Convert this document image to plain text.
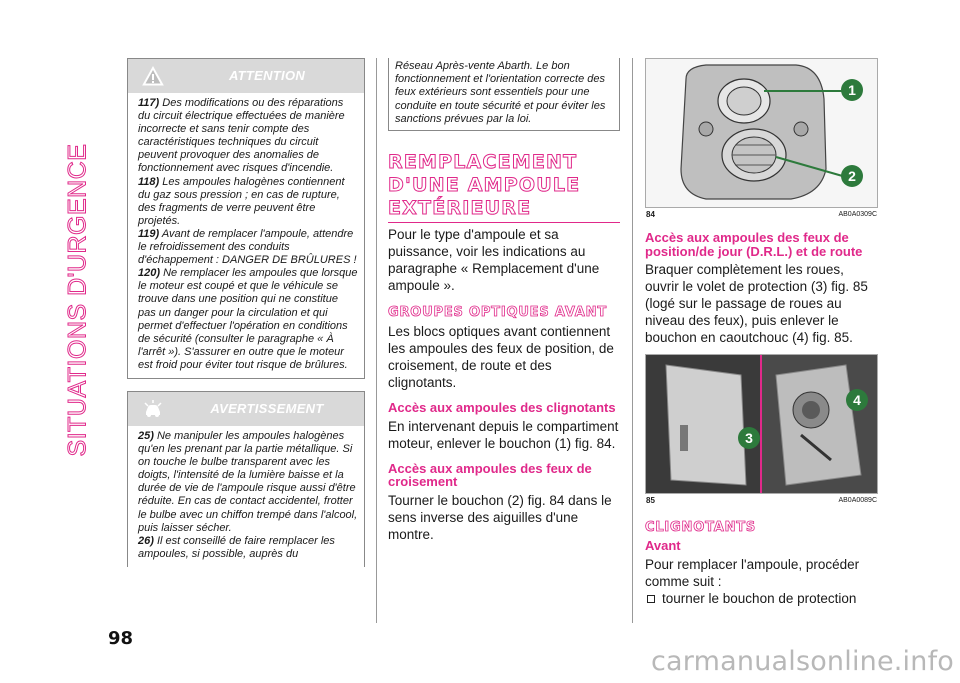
SITUATIONS D'URGENCE
ATTENTION

117) Des modifications ou des réparations du circuit électrique effectuées de manière incorrecte et sans tenir compte des caractéristiques techniques du circuit peuvent provoquer des anomalies de fonctionnement avec risques d'incendie.

118) Les ampoules halogènes contiennent du gaz sous pression ; en cas de rupture, des fragments de verre peuvent être projetés.

119) Avant de remplacer l'ampoule, attendre le refroidissement des conduits d'échappement : DANGER DE BRÛLURES !

120) Ne remplacer les ampoules que lorsque le moteur est coupé et que le véhicule se trouve dans une position qui ne constitue pas un danger pour la circulation et qui permet d'effectuer l'opération en conditions de sécurité (consulter le paragraphe « À l'arrêt »). S'assurer en outre que le moteur est froid pour éviter tout risque de brûlures.

AVERTISSEMENT

25) Ne manipuler les ampoules halogènes qu'en les prenant par la partie métallique. Si on touche le bulbe transparent avec les doigts, l'intensité de la lumière baisse et la durée de vie de l'ampoule risque aussi d'être réduite. En cas de contact accidentel, frotter le bulbe avec un chiffon trempé dans l'alcool, puis laisser sécher.

26) Il est conseillé de faire remplacer les ampoules, si possible, auprès du

Réseau Après-vente Abarth. Le bon fonctionnement et l'orientation correcte des feux extérieurs sont essentiels pour une conduite en toute sécurité et pour éviter les sanctions prévues par la loi.
REMPLACEMENT D'UNE AMPOULE EXTÉRIEURE

Pour le type d'ampoule et sa puissance, voir les indications au paragraphe « Remplacement d'une ampoule ».

GROUPES OPTIQUES AVANT

Les blocs optiques avant contiennent les ampoules des feux de position, de croisement, de route et des clignotants.

Accès aux ampoules des clignotants

En intervenant depuis le compartiment moteur, enlever le bouchon (1) fig. 84.

Accès aux ampoules des feux de croisement

Tourner le bouchon (2) fig. 84 dans le sens inverse des aiguilles d'une montre.

1
2
84	AB0A0309C
Accès aux ampoules des feux de position/de jour (D.R.L.) et de route

Braquer complètement les roues, ouvrir le volet de protection (3) fig. 85 (logé sur le passage de roues au niveau des feux), puis enlever le bouchon en caoutchouc (4) fig. 85.

3
4
85	AB0A0089C
CLIGNOTANTS
Avant

Pour remplacer l'ampoule, procéder comme suit :

tourner le bouchon de protection
98
carmanualsonline.info
